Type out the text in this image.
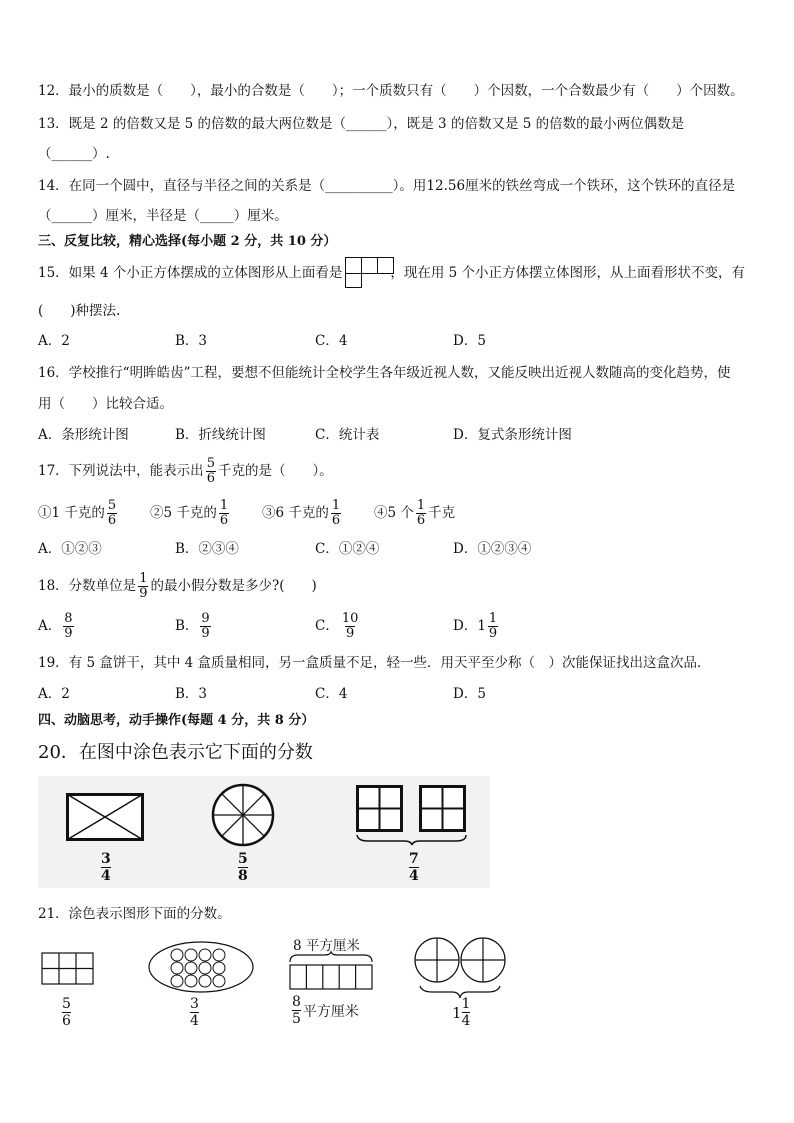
12．最小的质数是（　　），最小的合数是（　　）；一个质数只有（　　）个因数，一个合数最少有（　　）个因数。
13．既是 2 的倍数又是 5 的倍数的最大两位数是（______），既是 3 的倍数又是 5 的倍数的最小两位偶数是
（______）.
14．在同一个圆中，直径与半径之间的关系是（__________）。用12.56厘米的铁丝弯成一个铁环，这个铁环的直径是
（______）厘米，半径是（_____）厘米。
三、反复比较，精心选择(每小题 2 分，共 10 分）
15．如果 4 个小正方体摆成的立体图形从上面看是	，现在用 5 个小正方体摆立体图形，从上面看形状不变，有
(　　)种摆法.
A．2	B．3	C．4	D．5
16．学校推行“明眸皓齿”工程，要想不但能统计全校学生各年级近视人数，又能反映出近视人数随高的变化趋势，使
用（　　）比较合适。
A．条形统计图	B．折线统计图	C．统计表	D．复式条形统计图
17．下列说法中，能表示出 $\frac{5}{6}$ 千克的是（　　）。
①1 千克的 $\frac{5}{6}$ ②5 千克的 $\frac{1}{6}$ ③6 千克的 $\frac{1}{6}$ ④5 个 $\frac{1}{6}$ 千克
A．①②③	B．②③④	C．①②④	D．①②③④
18．分数单位是 $\frac{1}{9}$ 的最小假分数是多少?(　　)
A． $\frac{8}{9}$	B． $\frac{9}{9}$	C． $\frac{10}{9}$	D．$1 \frac{1}{9}$
19．有 5 盒饼干，其中 4 盒质量相同，另一盒质量不足，轻一些．用天平至少称（　）次能保证找出这盒次品．
A．2	B．3	C．4	D．5
四、动脑思考，动手操作(每题 4 分，共 8 分）
20．在图中涂色表示它下面的分数
3
4
5
8
7
4
21．涂色表示图形下面的分数。
8 平方厘米
5
6
3
4
8
5 平方厘米	1 1
4
